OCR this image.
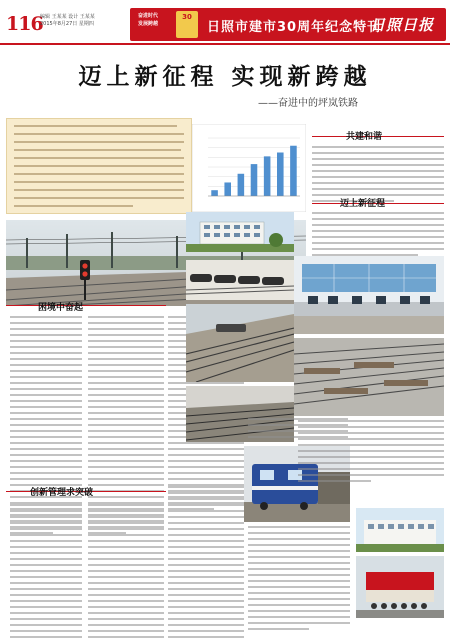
116
编辑 王某某 设计 王某某
2015年8月27日 星期四
奋进时代
发展跨越
30
日照市建市30周年纪念特刊
日照日报
迈上新征程 实现新跨越
——奋进中的坪岚铁路
困境中奋起
创新管理求突破
共建和谐
迈上新征程
